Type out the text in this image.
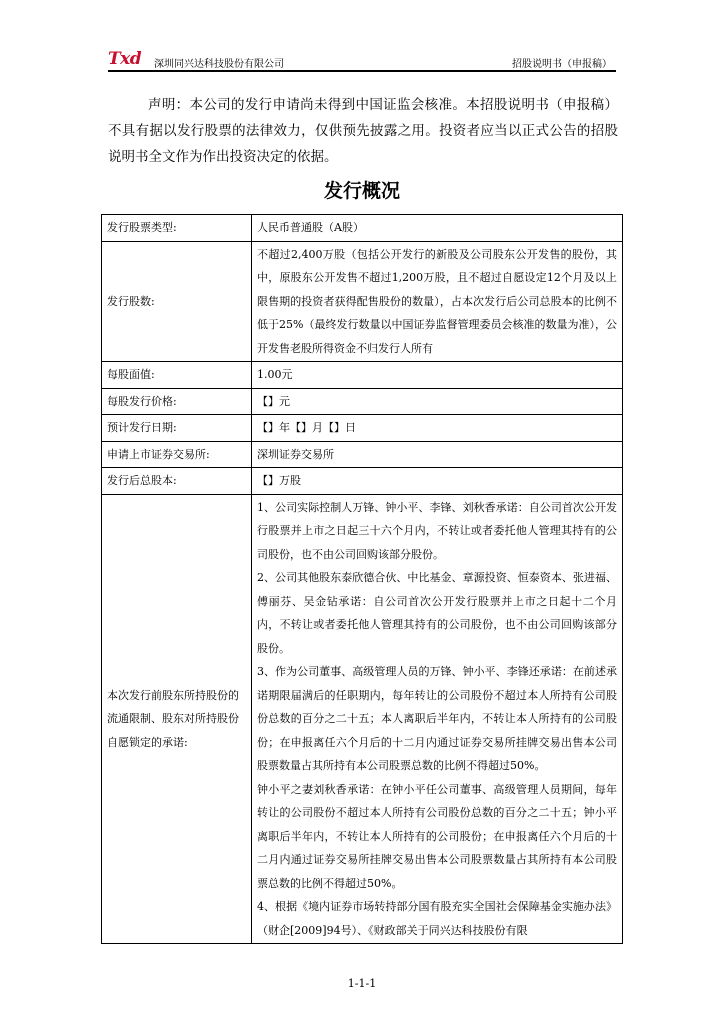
Txd 深圳同兴达科技股份有限公司	招股说明书（申报稿）

声明：本公司的发行申请尚未得到中国证监会核准。本招股说明书（申报稿）不具有据以发行股票的法律效力，仅供预先披露之用。投资者应当以正式公告的招股说明书全文作为作出投资决定的依据。

发行概况
发行股票类型:	人民币普通股（A股）
发行股数:	不超过2,400万股（包括公开发行的新股及公司股东公开发售的股份，其中，原股东公开发售不超过1,200万股，且不超过自愿设定12个月及以上限售期的投资者获得配售股份的数量），占本次发行后公司总股本的比例不低于25%（最终发行数量以中国证券监督管理委员会核准的数量为准），公开发售老股所得资金不归发行人所有
每股面值:	1.00元
每股发行价格:	【】元
预计发行日期:	【】年【】月【】日
申请上市证券交易所:	深圳证券交易所
发行后总股本:	【】万股
本次发行前股东所持股份的流通限制、股东对所持股份自愿锁定的承诺:	1、公司实际控制人万锋、钟小平、李锋、刘秋香承诺：自公司首次公开发行股票并上市之日起三十六个月内，不转让或者委托他人管理其持有的公司股份，也不由公司回购该部分股份。
2、公司其他股东泰欣德合伙、中比基金、章源投资、恒泰资本、张进福、傅丽芬、吴金钻承诺：自公司首次公开发行股票并上市之日起十二个月内，不转让或者委托他人管理其持有的公司股份，也不由公司回购该部分股份。
3、作为公司董事、高级管理人员的万锋、钟小平、李锋还承诺：在前述承诺期限届满后的任职期内，每年转让的公司股份不超过本人所持有公司股份总数的百分之二十五；本人离职后半年内，不转让本人所持有的公司股份；在申报离任六个月后的十二月内通过证券交易所挂牌交易出售本公司股票数量占其所持有本公司股票总数的比例不得超过50%。
钟小平之妻刘秋香承诺：在钟小平任公司董事、高级管理人员期间，每年转让的公司股份不超过本人所持有公司股份总数的百分之二十五；钟小平离职后半年内，不转让本人所持有的公司股份；在申报离任六个月后的十二月内通过证券交易所挂牌交易出售本公司股票数量占其所持有本公司股票总数的比例不得超过50%。
4、根据《境内证券市场转持部分国有股充实全国社会保障基金实施办法》（财企[2009]94号）、《财政部关于同兴达科技股份有限
1-1-1
